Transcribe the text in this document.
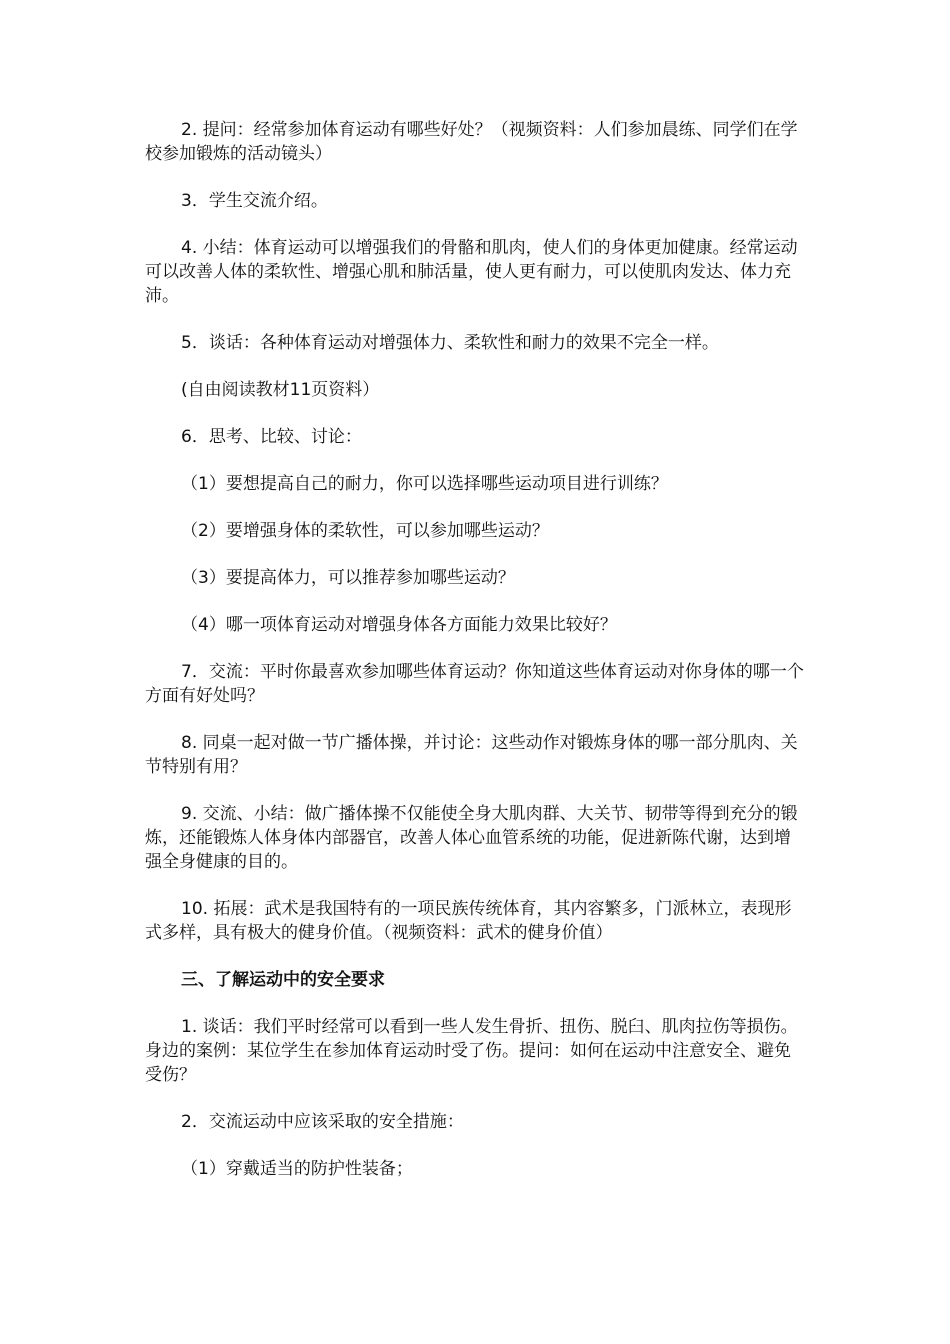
2. 提问：经常参加体育运动有哪些好处？（视频资料：人们参加晨练、同学们在学校参加锻炼的活动镜头）

3．学生交流介绍。

4. 小结：体育运动可以增强我们的骨骼和肌肉，使人们的身体更加健康。经常运动可以改善人体的柔软性、增强心肌和肺活量，使人更有耐力，可以使肌肉发达、体力充沛。

5．谈话：各种体育运动对增强体力、柔软性和耐力的效果不完全一样。

(自由阅读教材11页资料）

6．思考、比较、讨论：

（1）要想提高自己的耐力，你可以选择哪些运动项目进行训练？

（2）要增强身体的柔软性，可以参加哪些运动？

（3）要提高体力，可以推荐参加哪些运动？

（4）哪一项体育运动对增强身体各方面能力效果比较好？

7．交流：平时你最喜欢参加哪些体育运动？你知道这些体育运动对你身体的哪一个方面有好处吗？

8. 同桌一起对做一节广播体操，并讨论：这些动作对锻炼身体的哪一部分肌肉、关节特别有用？

9. 交流、小结：做广播体操不仅能使全身大肌肉群、大关节、韧带等得到充分的锻炼，还能锻炼人体身体内部器官，改善人体心血管系统的功能，促进新陈代谢，达到增强全身健康的目的。

10. 拓展：武术是我国特有的一项民族传统体育，其内容繁多，门派林立，表现形式多样，具有极大的健身价值。（视频资料：武术的健身价值）

三、了解运动中的安全要求

1. 谈话：我们平时经常可以看到一些人发生骨折、扭伤、脱臼、肌肉拉伤等损伤。身边的案例：某位学生在参加体育运动时受了伤。提问：如何在运动中注意安全、避免受伤？

2．交流运动中应该采取的安全措施：

（1）穿戴适当的防护性装备；
